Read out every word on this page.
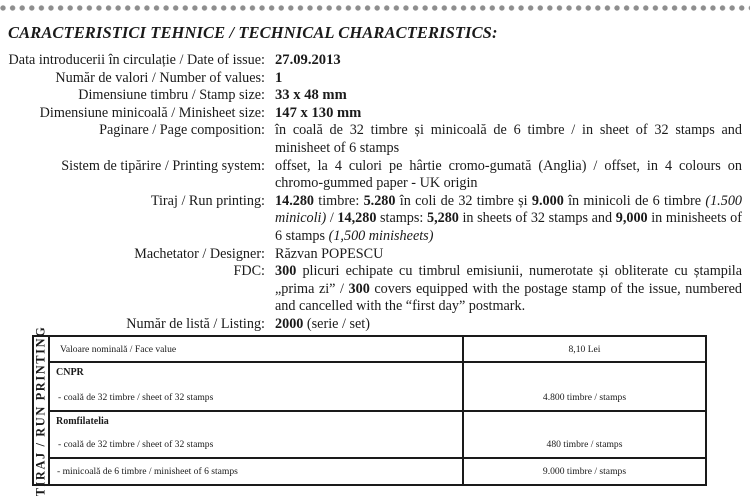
CARACTERISTICI TEHNICE / TECHNICAL CHARACTERISTICS:
Data introducerii în circulație / Date of issue: 27.09.2013
Număr de valori / Number of values: 1
Dimensiune timbru / Stamp size: 33 x 48 mm
Dimensiune minicoală / Minisheet size: 147 x 130 mm
Paginare / Page composition: în coală de 32 timbre și minicoală de 6 timbre / in sheet of 32 stamps and minisheet of 6 stamps
Sistem de tipărire / Printing system: offset, la 4 culori pe hârtie cromo-gumată (Anglia) / offset, in 4 colours on chromo-gummed paper - UK origin
Tiraj / Run printing: 14.280 timbre: 5.280 în coli de 32 timbre și 9.000 în minicoli de 6 timbre (1.500 minicoli) / 14,280 stamps: 5,280 in sheets of 32 stamps and 9,000 in minisheets of 6 stamps (1,500 minisheets)
Machetator / Designer: Răzvan POPESCU
FDC: 300 plicuri echipate cu timbrul emisiunii, numerotate și obliterate cu ștampila „prima zi” / 300 covers equipped with the postage stamp of the issue, numbered and cancelled with the “first day” postmark.
Număr de listă / Listing: 2000 (serie / set)
TIRAJ / RUN PRINTING Valoare nominală / Face value	8,10 Lei

CNPR
- coală de 32 timbre / sheet of 32 stamps	4.800 timbre / stamps

Romfilatelia
- coală de 32 timbre / sheet of 32 stamps	480 timbre / stamps

- minicoală de 6 timbre / minisheet of 6 stamps	9.000 timbre / stamps
